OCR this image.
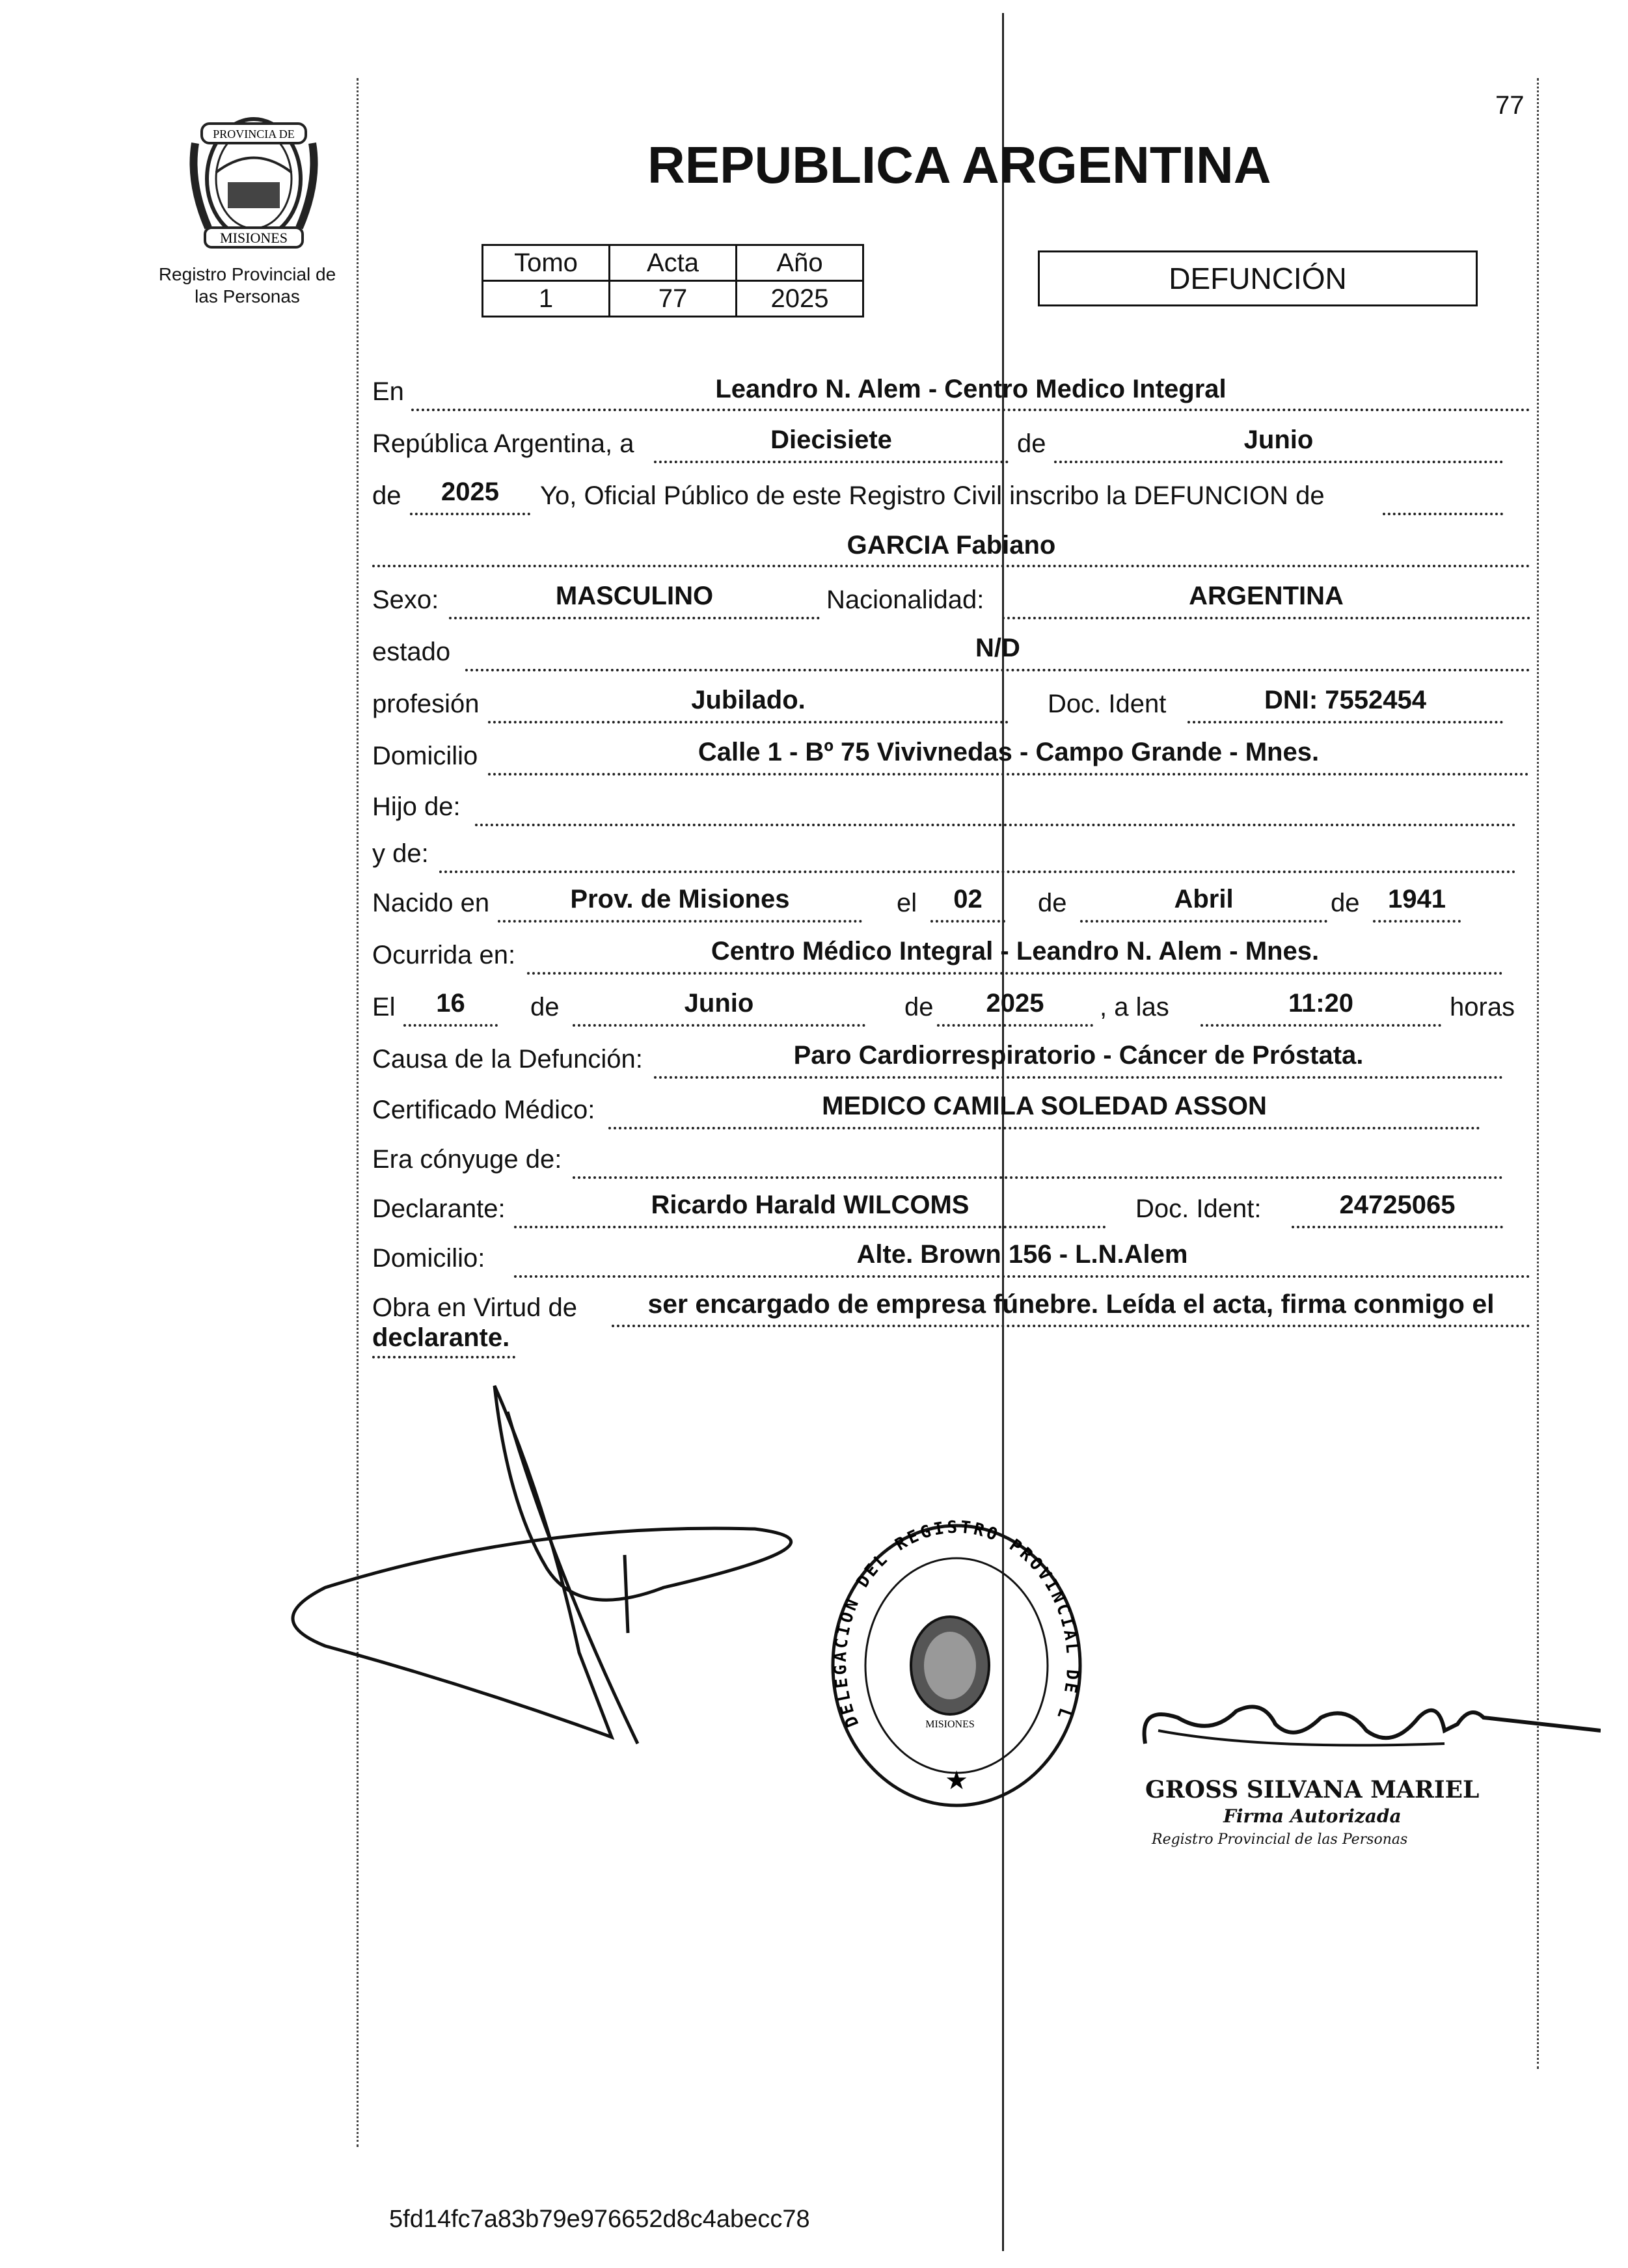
77
PROVINCIA DE
MISIONES
Registro Provincial de
las Personas
REPUBLICA ARGENTINA
Tomo	Acta	Año
1	77	2025
DEFUNCIÓN
En	Leandro N. Alem - Centro Medico Integral
República Argentina, a	Diecisiete	de	Junio
de	2025	Yo, Oficial Público de este Registro Civil inscribo la DEFUNCION de
GARCIA Fabiano
Sexo:	MASCULINO	Nacionalidad:	ARGENTINA
estado	N/D
profesión	Jubilado.	Doc. Ident	DNI: 7552454
Domicilio	Calle 1 - Bº 75 Vivivnedas - Campo Grande - Mnes.
Hijo de:
y de:
Nacido en	Prov. de Misiones	el	02	de	Abril	de	1941
Ocurrida en:	Centro Médico Integral - Leandro N. Alem - Mnes.
El	16	de	Junio	de	2025	, a las	11:20	horas
Causa de la Defunción:	Paro Cardiorrespiratorio - Cáncer de Próstata.
Certificado Médico:	MEDICO CAMILA SOLEDAD ASSON
Era cónyuge de:
Declarante:	Ricardo Harald WILCOMS	Doc. Ident:	24725065
Domicilio:	Alte. Brown 156 - L.N.Alem
Obra en Virtud de	ser encargado de empresa fúnebre. Leída el acta, firma conmigo el
declarante.
DELEGACION DEL REGISTRO PROVINCIAL DE L
MISIONES
★	GROSS SILVANA MARIEL
Firma Autorizada
Registro Provincial de las Personas
5fd14fc7a83b79e976652d8c4abecc78
